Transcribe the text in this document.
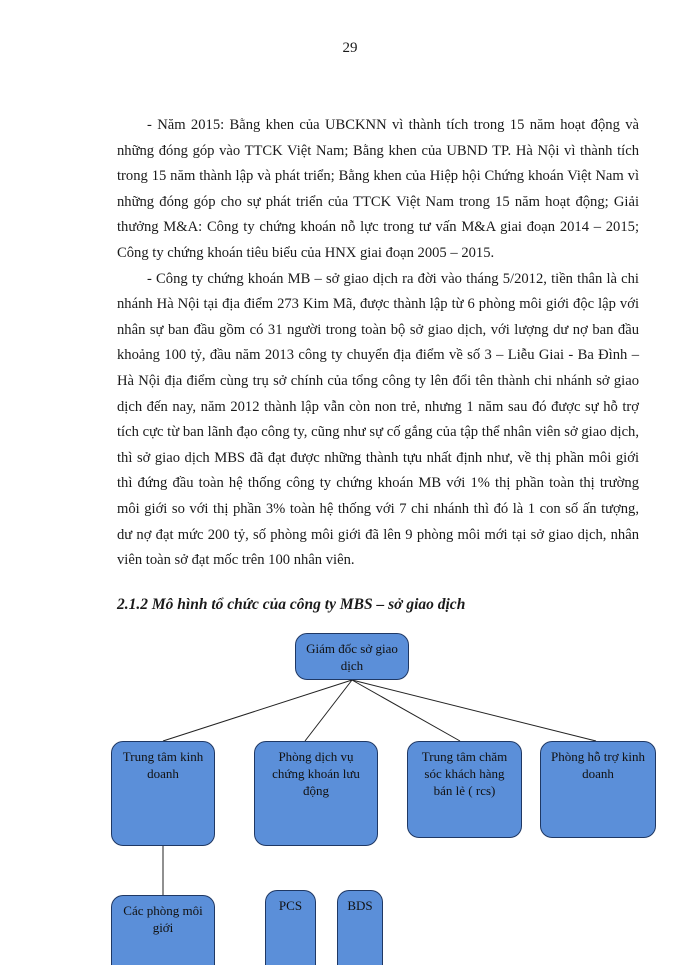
29

- Năm 2015: Bằng khen của UBCKNN vì thành tích trong 15 năm hoạt động và những đóng góp vào TTCK Việt Nam; Bằng khen của UBND TP. Hà Nội vì thành tích trong 15 năm thành lập và phát triển; Bằng khen của Hiệp hội Chứng khoán Việt Nam vì những đóng góp cho sự phát triển của TTCK Việt Nam trong 15 năm hoạt động; Giải thưởng M&A: Công ty chứng khoán nỗ lực trong tư vấn M&A giai đoạn 2014 – 2015; Công ty chứng khoán tiêu biểu của HNX giai đoạn 2005 – 2015.

- Công ty chứng khoán MB – sở giao dịch ra đời vào tháng 5/2012, tiền thân là chi nhánh Hà Nội tại địa điểm 273 Kim Mã, được thành lập từ 6 phòng môi giới độc lập với nhân sự ban đầu gồm có 31 người trong toàn bộ sở giao dịch, với lượng dư nợ ban đầu khoảng 100 tỷ, đầu năm 2013 công ty chuyển địa điểm về số 3 – Liễu Giai - Ba Đình – Hà Nội địa điểm cùng trụ sở chính của tổng công ty lên đổi tên thành chi nhánh sở giao dịch đến nay, năm 2012 thành lập vẫn còn non trẻ, nhưng 1 năm sau đó được sự hỗ trợ tích cực từ ban lãnh đạo công ty, cũng như sự cố gắng của tập thể nhân viên sở giao dịch, thì sở giao dịch MBS đã đạt được những thành tựu nhất định như, về thị phần môi giới thì đứng đầu toàn hệ thống công ty chứng khoán MB với 1% thị phần toàn thị trường môi giới so với thị phần 3% toàn hệ thống với 7 chi nhánh thì đó là 1 con số ấn tượng, dư nợ đạt mức 200 tỷ, số phòng môi giới đã lên 9 phòng môi mới tại sở giao dịch, nhân viên toàn sở đạt mốc trên 100 nhân viên.

2.1.2 Mô hình tổ chức của công ty MBS – sở giao dịch
Giám đốc sở giao dịch
Trung tâm kinh doanh
Phòng dịch vụ chứng khoán lưu động
Trung tâm chăm sóc khách hàng bán lẻ ( rcs)
Phòng hỗ trợ kinh doanh
Các phòng môi giới
PCS	BDS
